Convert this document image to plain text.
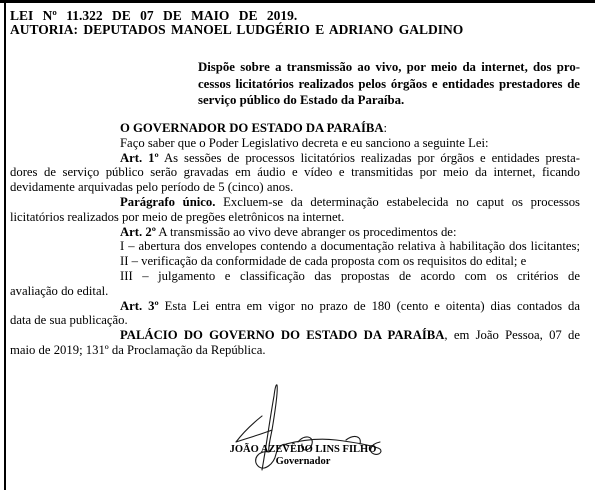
LEI Nº 11.322 DE 07 DE MAIO DE 2019.
AUTORIA: DEPUTADOS MANOEL LUDGÉRIO E ADRIANO GALDINO
Dispõe sobre a transmissão ao vivo, por meio da internet, dos pro-
cessos licitatórios realizados pelos órgãos e entidades prestadores de
serviço público do Estado da Paraíba.
O GOVERNADOR DO ESTADO DA PARAÍBA:
Faço saber que o Poder Legislativo decreta e eu sanciono a seguinte Lei:
Art. 1º As sessões de processos licitatórios realizadas por órgãos e entidades presta-
dores de serviço público serão gravadas em áudio e vídeo e transmitidas por meio da internet, ficando
devidamente arquivadas pelo período de 5 (cinco) anos.
Parágrafo único. Excluem-se da determinação estabelecida no caput os processos
licitatórios realizados por meio de pregões eletrônicos na internet.
Art. 2º A transmissão ao vivo deve abranger os procedimentos de:
I – abertura dos envelopes contendo a documentação relativa à habilitação dos licitantes;
II – verificação da conformidade de cada proposta com os requisitos do edital; e
III – julgamento e classificação das propostas de acordo com os critérios de
avaliação do edital.
Art. 3º Esta Lei entra em vigor no prazo de 180 (cento e oitenta) dias contados da
data de sua publicação.
PALÁCIO DO GOVERNO DO ESTADO DA PARAÍBA, em João Pessoa, 07 de
maio de 2019; 131º da Proclamação da República.
JOÃO AZEVÊDO LINS FILHO
Governador
